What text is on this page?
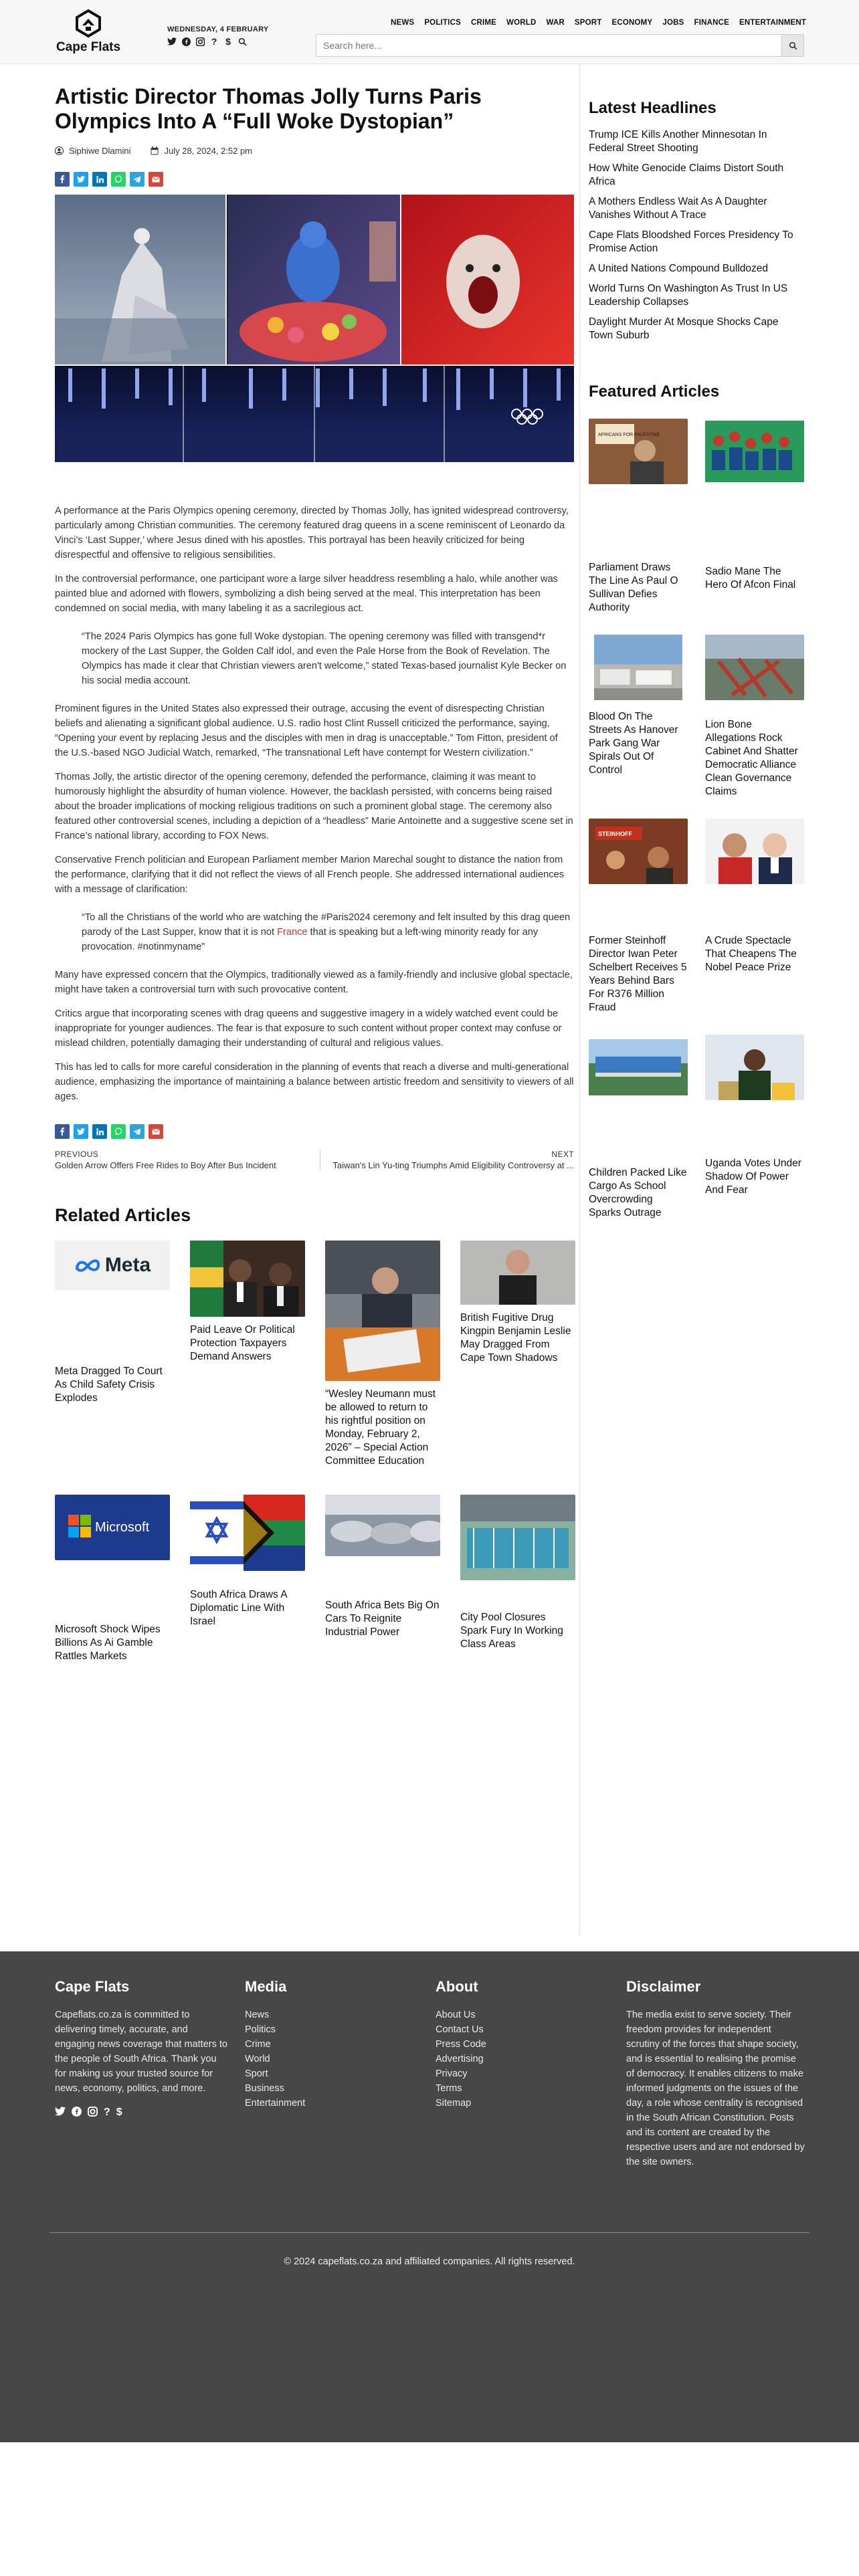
Cape Flats
WEDNESDAY, 4 FEBRUARY
? $
NEWS POLITICS CRIME WORLD WAR SPORT ECONOMY JOBS FINANCE ENTERTAINMENT
Search here...
Artistic Director Thomas Jolly Turns Paris Olympics Into A “Full Woke Dystopian”
Siphiwe Dlamini	July 28, 2024, 2:52 pm

A performance at the Paris Olympics opening ceremony, directed by Thomas Jolly, has ignited widespread controversy, particularly among Christian communities. The ceremony featured drag queens in a scene reminiscent of Leonardo da Vinci’s ‘Last Supper,’ where Jesus dined with his apostles. This portrayal has been heavily criticized for being disrespectful and offensive to religious sensibilities.

In the controversial performance, one participant wore a large silver headdress resembling a halo, while another was painted blue and adorned with flowers, symbolizing a dish being served at the meal. This interpretation has been condemned on social media, with many labeling it as a sacrilegious act.

“The 2024 Paris Olympics has gone full Woke dystopian. The opening ceremony was filled with transgend*r mockery of the Last Supper, the Golden Calf idol, and even the Pale Horse from the Book of Revelation. The Olympics has made it clear that Christian viewers aren't welcome,” stated Texas-based journalist Kyle Becker on his social media account.

Prominent figures in the United States also expressed their outrage, accusing the event of disrespecting Christian beliefs and alienating a significant global audience. U.S. radio host Clint Russell criticized the performance, saying, “Opening your event by replacing Jesus and the disciples with men in drag is unacceptable.” Tom Fitton, president of the U.S.-based NGO Judicial Watch, remarked, “The transnational Left have contempt for Western civilization.”

Thomas Jolly, the artistic director of the opening ceremony, defended the performance, claiming it was meant to humorously highlight the absurdity of human violence. However, the backlash persisted, with concerns being raised about the broader implications of mocking religious traditions on such a prominent global stage. The ceremony also featured other controversial scenes, including a depiction of a “headless” Marie Antoinette and a suggestive scene set in France’s national library, according to FOX News.

Conservative French politician and European Parliament member Marion Marechal sought to distance the nation from the performance, clarifying that it did not reflect the views of all French people. She addressed international audiences with a message of clarification:

“To all the Christians of the world who are watching the #Paris2024 ceremony and felt insulted by this drag queen parody of the Last Supper, know that it is not France that is speaking but a left-wing minority ready for any provocation. #notinmyname”

Many have expressed concern that the Olympics, traditionally viewed as a family-friendly and inclusive global spectacle, might have taken a controversial turn with such provocative content.

Critics argue that incorporating scenes with drag queens and suggestive imagery in a widely watched event could be inappropriate for younger audiences. The fear is that exposure to such content without proper context may confuse or mislead children, potentially damaging their understanding of cultural and religious values.

This has led to calls for more careful consideration in the planning of events that reach a diverse and multi-generational audience, emphasizing the importance of maintaining a balance between artistic freedom and sensitivity to viewers of all ages.

PREVIOUS
Golden Arrow Offers Free Rides to Boy After Bus Incident
NEXT
Taiwan's Lin Yu-ting Triumphs Amid Eligibility Controversy at ...
Related Articles
Meta
Meta Dragged To Court As Child Safety Crisis Explodes
Paid Leave Or Political Protection Taxpayers Demand Answers
“Wesley Neumann must be allowed to return to his rightful position on Monday, February 2, 2026” – Special Action Committee Education
British Fugitive Drug Kingpin Benjamin Leslie May Dragged From Cape Town Shadows
Microsoft
Microsoft Shock Wipes Billions As Ai Gamble Rattles Markets
South Africa Draws A Diplomatic Line With Israel
South Africa Bets Big On Cars To Reignite Industrial Power
City Pool Closures Spark Fury In Working Class Areas
Latest Headlines
Trump ICE Kills Another Minnesotan In Federal Street Shooting
How White Genocide Claims Distort South Africa
A Mothers Endless Wait As A Daughter Vanishes Without A Trace
Cape Flats Bloodshed Forces Presidency To Promise Action
A United Nations Compound Bulldozed
World Turns On Washington As Trust In US Leadership Collapses
Daylight Murder At Mosque Shocks Cape Town Suburb
Featured Articles
AFRICANS FOR PALESTINE
Parliament Draws The Line As Paul O Sullivan Defies Authority
Sadio Mane The Hero Of Afcon Final
Blood On The Streets As Hanover Park Gang War Spirals Out Of Control
Lion Bone Allegations Rock Cabinet And Shatter Democratic Alliance Clean Governance Claims
STEINHOFF
Former Steinhoff Director Iwan Peter Schelbert Receives 5 Years Behind Bars For R376 Million Fraud
A Crude Spectacle That Cheapens The Nobel Peace Prize
Children Packed Like Cargo As School Overcrowding Sparks Outrage
Uganda Votes Under Shadow Of Power And Fear
Cape Flats

Capeflats.co.za is committed to delivering timely, accurate, and engaging news coverage that matters to the people of South Africa. Thank you for making us your trusted source for news, economy, politics, and more.

? $
Media
News
Politics
Crime
World
Sport
Business
Entertainment
About
About Us
Contact Us
Press Code
Advertising
Privacy
Terms
Sitemap
Disclaimer

The media exist to serve society. Their freedom provides for independent scrutiny of the forces that shape society, and is essential to realising the promise of democracy. It enables citizens to make informed judgments on the issues of the day, a role whose centrality is recognised in the South African Constitution. Posts and its content are created by the respective users and are not endorsed by the site owners.

© 2024 capeflats.co.za and affiliated companies. All rights reserved.
